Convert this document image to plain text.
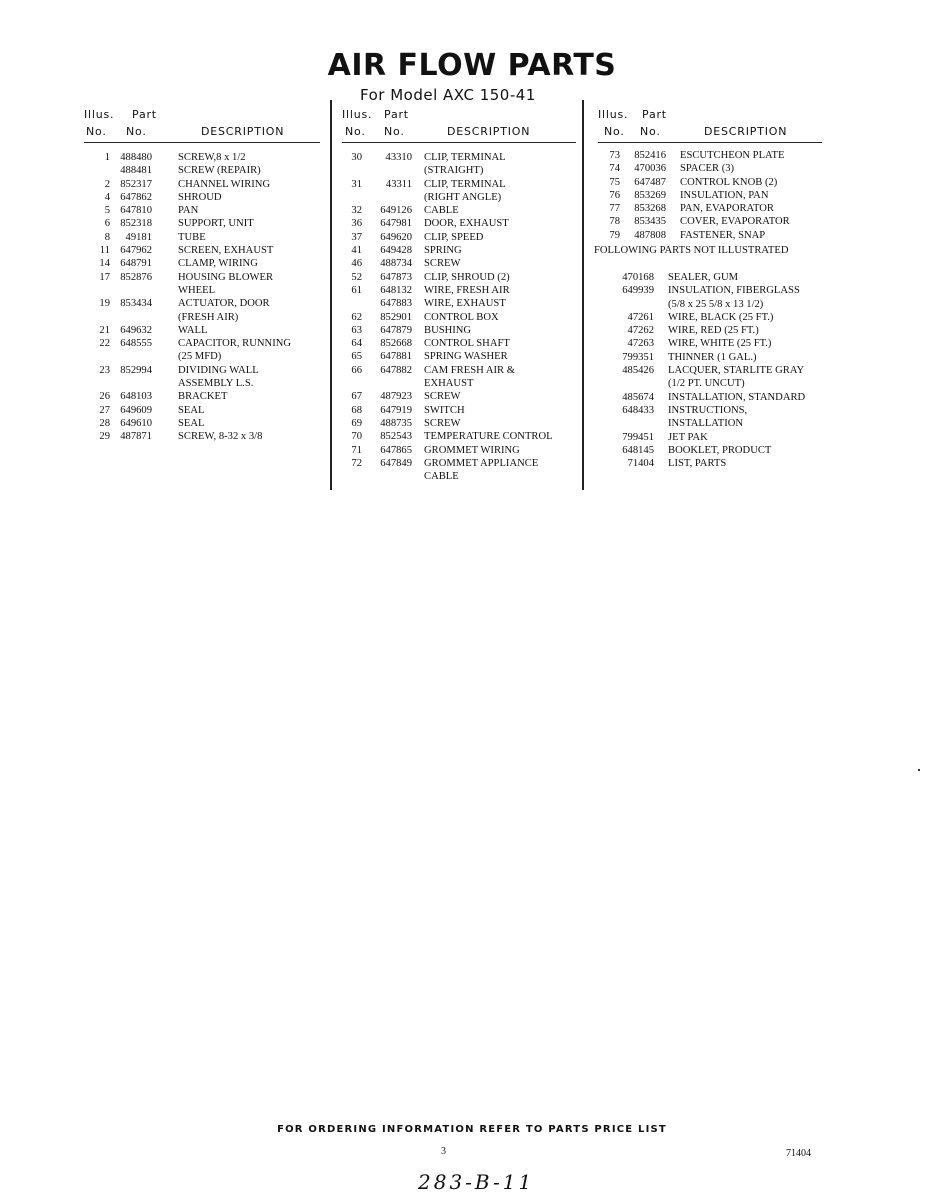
AIR FLOW PARTS
For Model AXC 150-41
Illus. Part
No. No.	DESCRIPTION
1 488480 SCREW,8 x 1/2
488481 SCREW (REPAIR)
2 852317 CHANNEL WIRING
4 647862 SHROUD
5 647810 PAN
6 852318 SUPPORT, UNIT
8	49181 TUBE
11 647962 SCREEN, EXHAUST
14 648791 CLAMP, WIRING
17 852876 HOUSING BLOWER
WHEEL
19 853434 ACTUATOR, DOOR
(FRESH AIR)
21 649632 WALL
22 648555 CAPACITOR, RUNNING
(25 MFD)
23 852994 DIVIDING WALL
ASSEMBLY L.S.
26 648103 BRACKET
27 649609 SEAL
28 649610 SEAL
29 487871 SCREW, 8-32 x 3/8
Illus. Part
No. No.	DESCRIPTION
30	43310 CLIP, TERMINAL
(STRAIGHT)
31	43311 CLIP, TERMINAL
(RIGHT ANGLE)
32	649126 CABLE
36	647981 DOOR, EXHAUST
37	649620 CLIP, SPEED
41	649428 SPRING
46	488734 SCREW
52	647873 CLIP, SHROUD (2)
61	648132 WIRE, FRESH AIR
647883 WIRE, EXHAUST
62	852901 CONTROL BOX
63	647879 BUSHING
64	852668 CONTROL SHAFT
65	647881 SPRING WASHER
66	647882 CAM FRESH AIR &
EXHAUST
67	487923 SCREW
68	647919 SWITCH
69	488735 SCREW
70	852543 TEMPERATURE CONTROL
71	647865 GROMMET WIRING
72	647849 GROMMET APPLIANCE
CABLE
Illus. Part
No. No.	DESCRIPTION
73	852416 ESCUTCHEON PLATE
74	470036 SPACER (3)
75	647487 CONTROL KNOB (2)
76	853269 INSULATION, PAN
77	853268 PAN, EVAPORATOR
78	853435 COVER, EVAPORATOR
79	487808 FASTENER, SNAP
FOLLOWING PARTS NOT ILLUSTRATED
470168 SEALER, GUM
649939 INSULATION, FIBERGLASS
(5/8 x 25 5/8 x 13 1/2)
47261 WIRE, BLACK (25 FT.)
47262 WIRE, RED (25 FT.)
47263 WIRE, WHITE (25 FT.)
799351 THINNER (1 GAL.)
485426 LACQUER, STARLITE GRAY
(1/2 PT. UNCUT)
485674 INSTALLATION, STANDARD
648433 INSTRUCTIONS,
INSTALLATION
799451 JET PAK
648145 BOOKLET, PRODUCT
71404 LIST, PARTS
FOR ORDERING INFORMATION REFER TO PARTS PRICE LIST
3	71404
283-B-11
